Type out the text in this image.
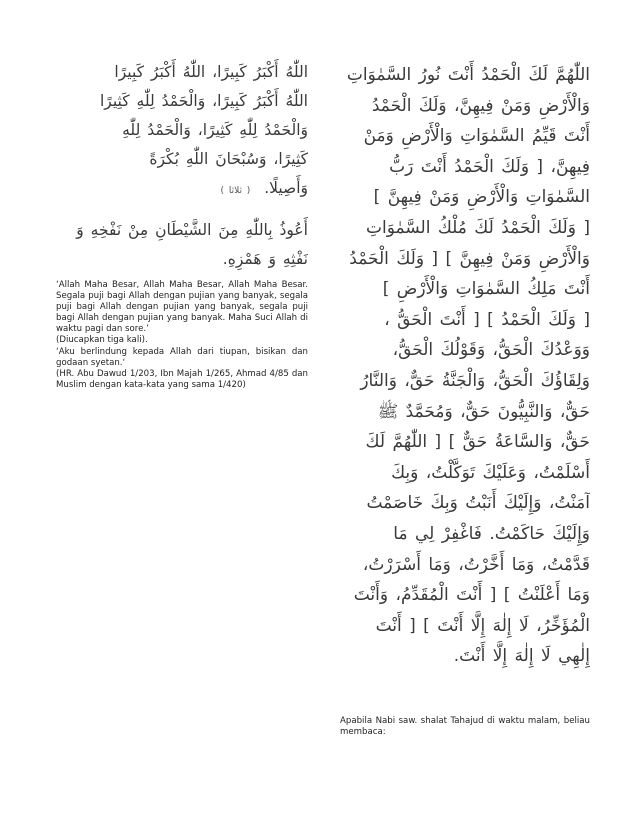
اللّٰهُ أَكْبَرُ كَبِيرًا، اللّٰهُ أَكْبَرُ كَبِيرًا
اللّٰهُ أَكْبَرُ كَبِيرًا، وَالْحَمْدُ لِلّٰهِ كَثِيرًا
وَالْحَمْدُ لِلّٰهِ كَثِيرًا، وَالْحَمْدُ لِلّٰهِ
كَثِيرًا، وَسُبْحَانَ اللّٰهِ بُكْرَةً
وَأَصِيلًا.  ( ثلاثا )
أَعُوذُ بِاللّٰهِ مِنَ الشَّيْطَانِ مِنْ نَفْخِهِ وَ
نَفْثِهِ وَ هَمْزِهِ.

‘Allah Maha Besar, Allah Maha Besar, Allah Maha Besar. Segala puji bagi Allah dengan pujian yang banyak, segala puji bagi Allah dengan pujian yang banyak, segala puji bagi Allah dengan pujian yang banyak. Maha Suci Allah di waktu pagi dan sore.’

(Diucapkan tiga kali).

‘Aku berlindung kepada Allah dari tiupan, bisikan dan godaan syetan.‘

(HR. Abu Dawud 1/203, Ibn Majah 1/265, Ahmad 4/85 dan Muslim dengan kata-kata yang sama 1/420)

اللّٰهُمَّ لَكَ الْحَمْدُ أَنْتَ نُورُ السَّمٰوَاتِ
وَالْأَرْضِ وَمَنْ فِيهِنَّ، وَلَكَ الْحَمْدُ
أَنْتَ قَيِّمُ السَّمٰوَاتِ وَالْأَرْضِ وَمَنْ
فِيهِنَّ، [ وَلَكَ الْحَمْدُ أَنْتَ رَبُّ
السَّمٰوَاتِ وَالْأَرْضِ وَمَنْ فِيهِنَّ ]
[ وَلَكَ الْحَمْدُ لَكَ مُلْكُ السَّمٰوَاتِ
وَالْأَرْضِ وَمَنْ فِيهِنَّ ] [ وَلَكَ الْحَمْدُ
أَنْتَ مَلِكُ السَّمٰوَاتِ وَالْأَرْضِ ]
[ وَلَكَ الْحَمْدُ ] [ أَنْتَ الْحَقُّ ،
وَوَعْدُكَ الْحَقُّ، وَقَوْلُكَ الْحَقُّ،
وَلِقَاؤُكَ الْحَقُّ، وَالْجَنَّةُ حَقٌّ، وَالنَّارُ
حَقٌّ، وَالنَّبِيُّونَ حَقٌّ، وَمُحَمَّدٌ ﷺ
حَقٌّ، وَالسَّاعَةُ حَقٌّ ] [ اللّٰهُمَّ لَكَ
أَسْلَمْتُ، وَعَلَيْكَ تَوَكَّلْتُ، وَبِكَ
آمَنْتُ، وَإِلَيْكَ أَنَبْتُ وَبِكَ خَاصَمْتُ
وَإِلَيْكَ حَاكَمْتُ. فَاغْفِرْ لِي مَا
قَدَّمْتُ، وَمَا أَخَّرْتُ، وَمَا أَسْرَرْتُ،
وَمَا أَعْلَنْتُ ] [ أَنْتَ الْمُقَدِّمُ، وَأَنْتَ
الْمُؤَخِّرُ، لَا إِلٰهَ إِلَّا أَنْتَ ] [ أَنْتَ
إِلٰهِي لَا إِلٰهَ إِلَّا أَنْتَ.

Apabila Nabi saw. shalat Tahajud di waktu malam, beliau membaca:
